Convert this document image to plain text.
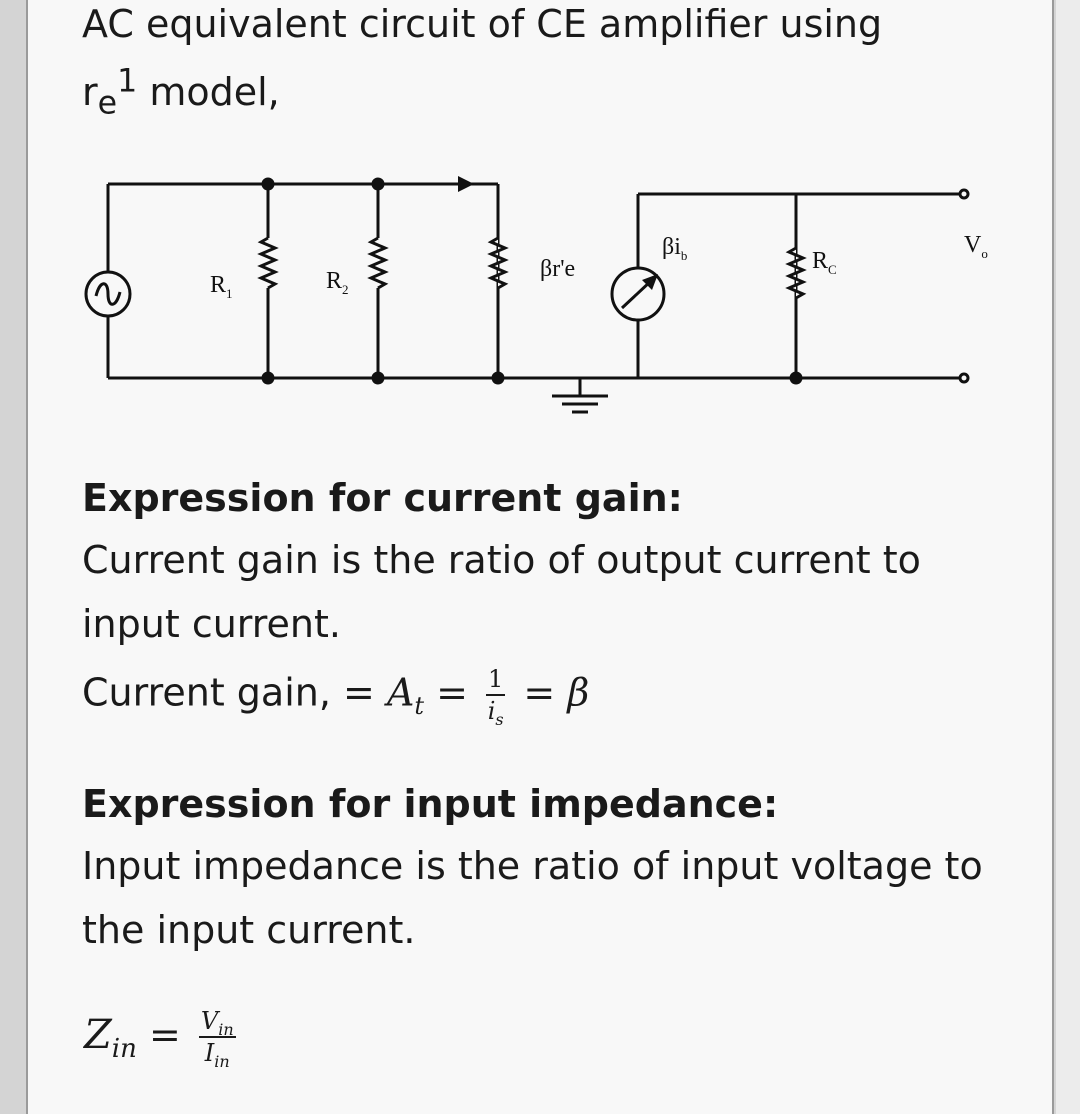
AC equivalent circuit of CE amplifier using
$r_e^1$ model,
$R_1$	$R_2$
βr'e
$\beta i_b$	$R_C$
$V_o$
Expression for current gain:
Current gain is the ratio of output current to
input current.
Current gain, = $A_t = \frac{1}{i_s} = \beta$
Expression for input impedance:
Input impedance is the ratio of input voltage to
the input current.
$Z_{in} = \frac{V_{in}}{I_{in}}$
